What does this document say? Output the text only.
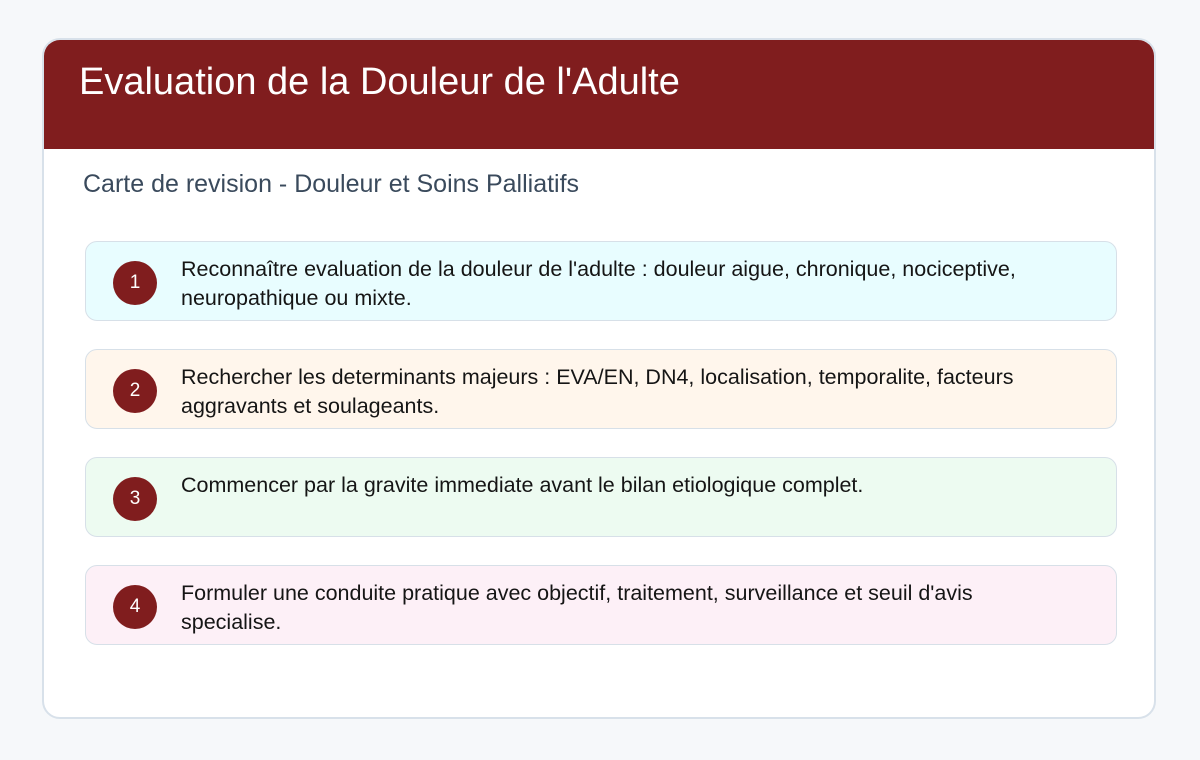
Evaluation de la Douleur de l'Adulte
Carte de revision - Douleur et Soins Palliatifs
1
Reconnaître evaluation de la douleur de l'adulte : douleur aigue, chronique, nociceptive, neuropathique ou mixte.
2
Rechercher les determinants majeurs : EVA/EN, DN4, localisation, temporalite, facteurs aggravants et soulageants.
3
Commencer par la gravite immediate avant le bilan etiologique complet.
4
Formuler une conduite pratique avec objectif, traitement, surveillance et seuil d'avis specialise.
